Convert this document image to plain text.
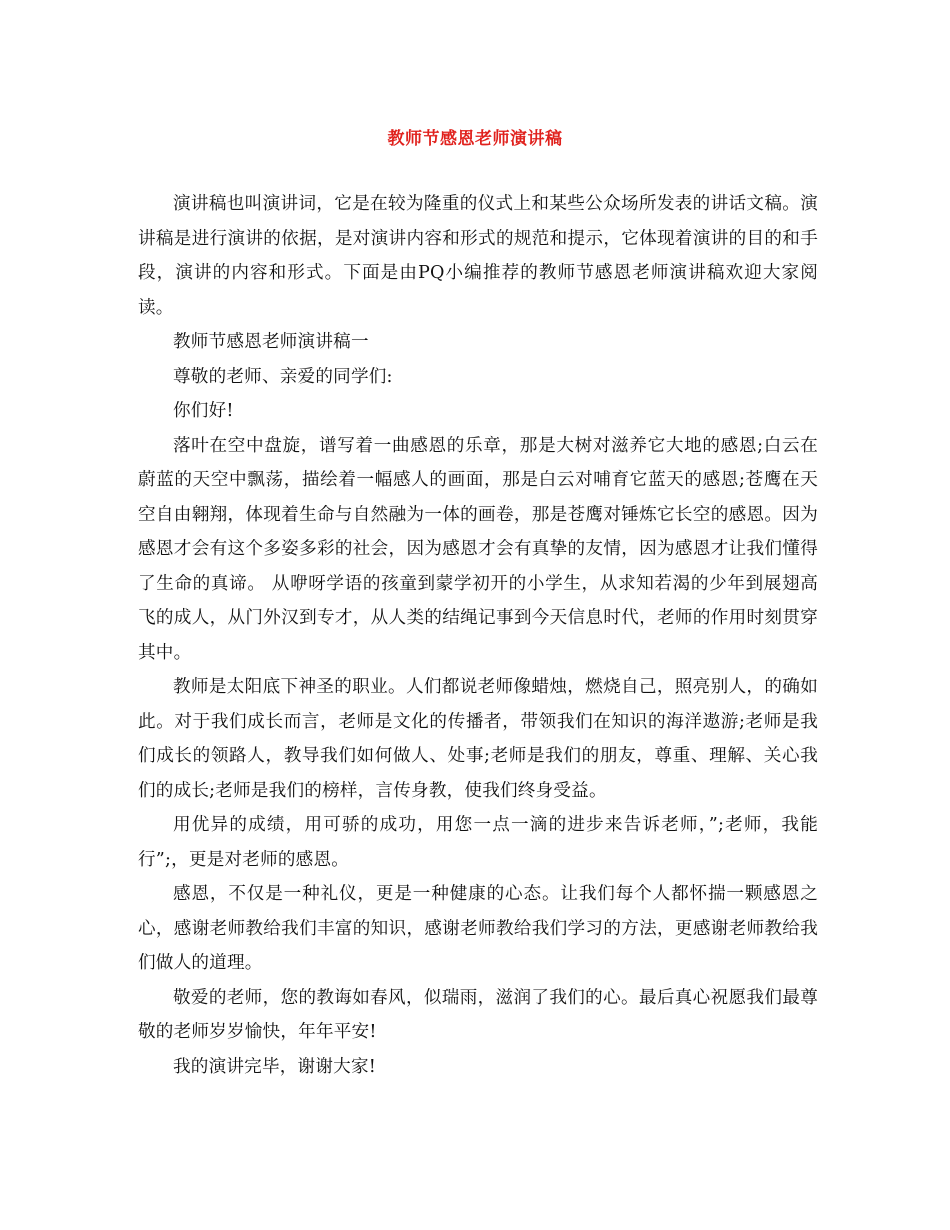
教师节感恩老师演讲稿

演讲稿也叫演讲词，它是在较为隆重的仪式上和某些公众场所发表的讲话文稿。演讲稿是进行演讲的依据，是对演讲内容和形式的规范和提示，它体现着演讲的目的和手段，演讲的内容和形式。下面是由PQ小编推荐的教师节感恩老师演讲稿欢迎大家阅读。

教师节感恩老师演讲稿一

尊敬的老师、亲爱的同学们:

你们好!

落叶在空中盘旋，谱写着一曲感恩的乐章，那是大树对滋养它大地的感恩;白云在蔚蓝的天空中飘荡，描绘着一幅感人的画面，那是白云对哺育它蓝天的感恩;苍鹰在天空自由翱翔，体现着生命与自然融为一体的画卷，那是苍鹰对锤炼它长空的感恩。因为感恩才会有这个多姿多彩的社会，因为感恩才会有真挚的友情，因为感恩才让我们懂得了生命的真谛。 从咿呀学语的孩童到蒙学初开的小学生，从求知若渴的少年到展翅高飞的成人，从门外汉到专才，从人类的结绳记事到今天信息时代，老师的作用时刻贯穿其中。

教师是太阳底下神圣的职业。人们都说老师像蜡烛，燃烧自己，照亮别人，的确如此。对于我们成长而言，老师是文化的传播者，带领我们在知识的海洋遨游;老师是我们成长的领路人，教导我们如何做人、处事;老师是我们的朋友，尊重、理解、关心我们的成长;老师是我们的榜样，言传身教，使我们终身受益。

用优异的成绩，用可骄的成功，用您一点一滴的进步来告诉老师，”;老师，我能行”;，更是对老师的感恩。

感恩，不仅是一种礼仪，更是一种健康的心态。让我们每个人都怀揣一颗感恩之心，感谢老师教给我们丰富的知识，感谢老师教给我们学习的方法，更感谢老师教给我们做人的道理。

敬爱的老师，您的教诲如春风，似瑞雨，滋润了我们的心。最后真心祝愿我们最尊敬的老师岁岁愉快，年年平安!

我的演讲完毕，谢谢大家!
